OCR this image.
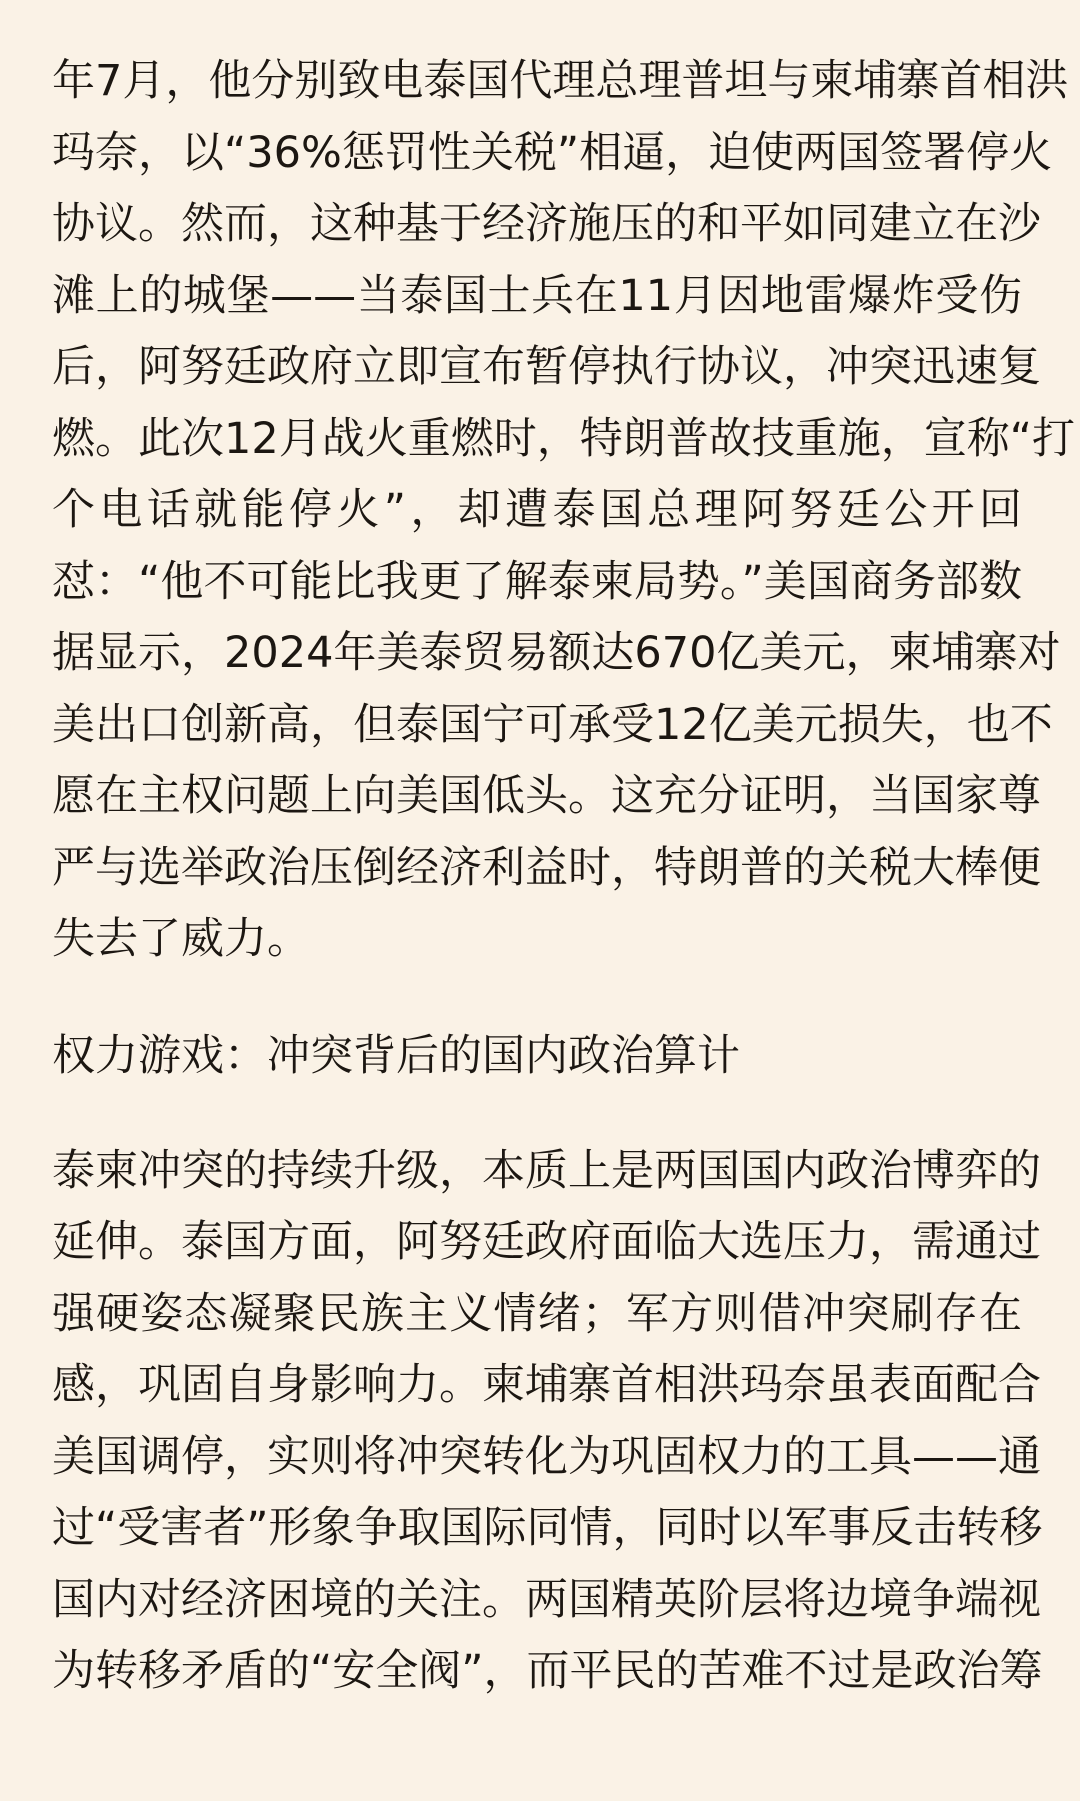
年7月，他分别致电泰国代理总理普坦与柬埔寨首相洪
玛奈，以“36%惩罚性关税”相逼，迫使两国签署停火
协议。然而，这种基于经济施压的和平如同建立在沙
滩上的城堡——当泰国士兵在11月因地雷爆炸受伤
后，阿努廷政府立即宣布暂停执行协议，冲突迅速复
燃。此次12月战火重燃时，特朗普故技重施，宣称“打
个电话就能停火”，却遭泰国总理阿努廷公开回
怼：“他不可能比我更了解泰柬局势。”美国商务部数
据显示，2024年美泰贸易额达670亿美元，柬埔寨对
美出口创新高，但泰国宁可承受12亿美元损失，也不
愿在主权问题上向美国低头。这充分证明，当国家尊
严与选举政治压倒经济利益时，特朗普的关税大棒便
失去了威力。
权力游戏：冲突背后的国内政治算计
泰柬冲突的持续升级，本质上是两国国内政治博弈的
延伸。泰国方面，阿努廷政府面临大选压力，需通过
强硬姿态凝聚民族主义情绪；军方则借冲突刷存在
感，巩固自身影响力。柬埔寨首相洪玛奈虽表面配合
美国调停，实则将冲突转化为巩固权力的工具——通
过“受害者”形象争取国际同情，同时以军事反击转移
国内对经济困境的关注。两国精英阶层将边境争端视
为转移矛盾的“安全阀”，而平民的苦难不过是政治筹
